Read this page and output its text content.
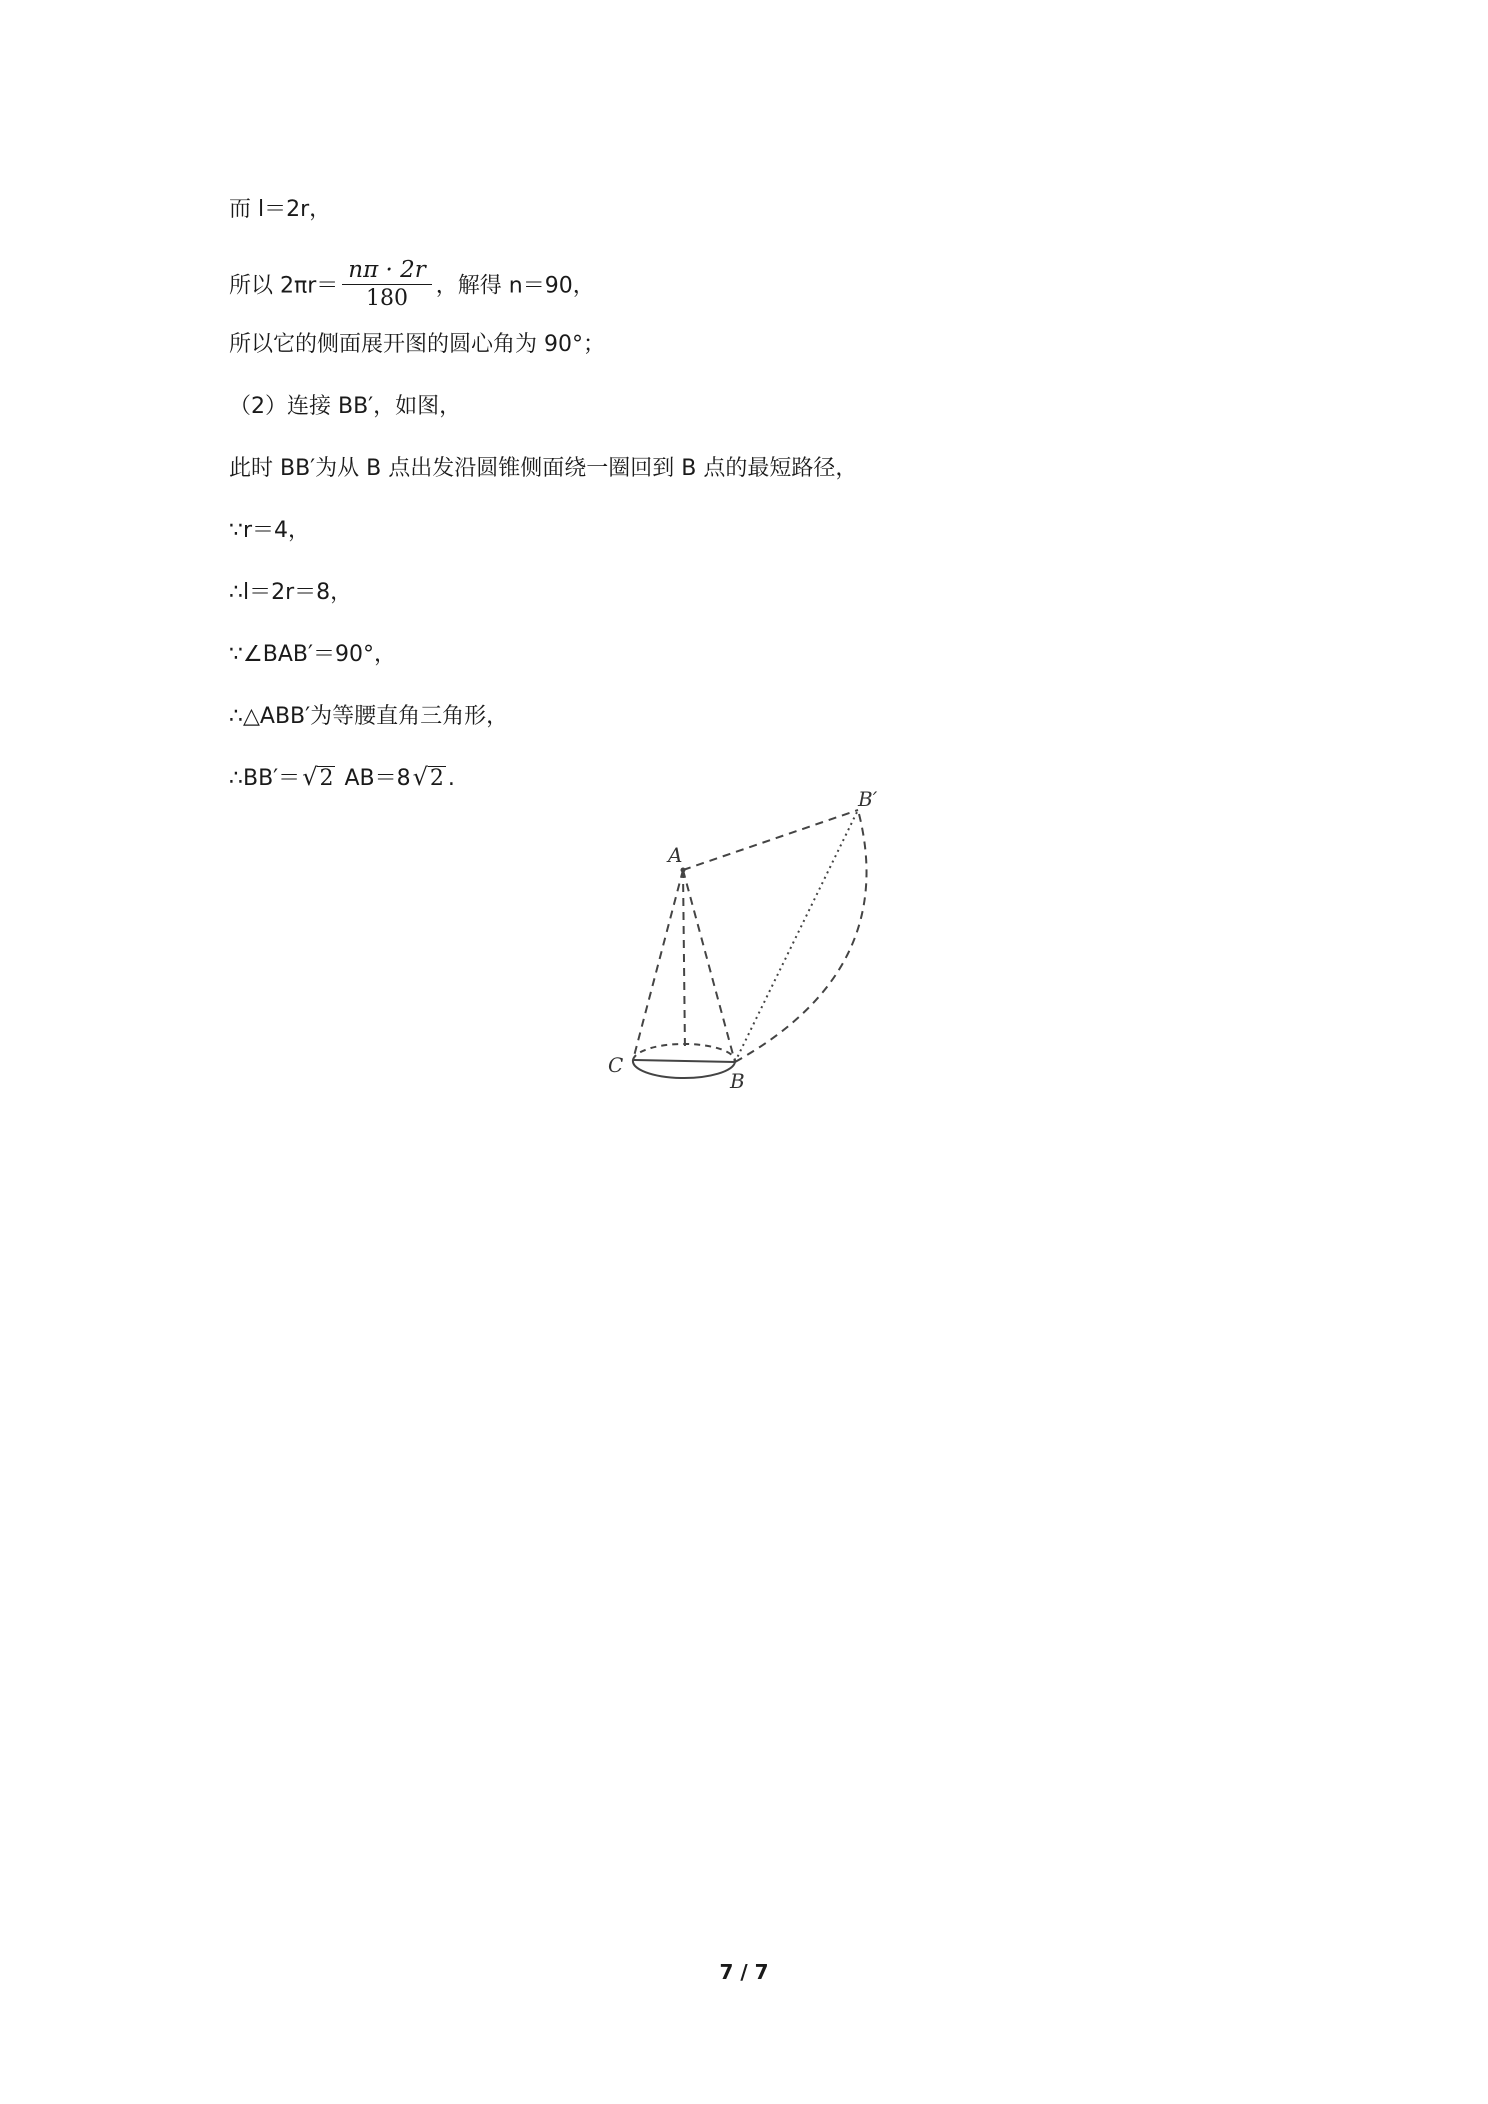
而 l＝2r，
所以 $2\pi r= \frac{n\pi \cdot 2r}{180}$ ，解得 n＝90，
所以它的侧面展开图的圆心角为 90°；
（2）连接 BB′，如图，
此时 BB′为从 B 点出发沿圆锥侧面绕一圈回到 B 点的最短路径，
∵r＝4，
∴l＝2r＝8，
∵∠BAB′＝90°，
∴△ABB′为等腰直角三角形，
∴BB′＝√2 AB＝8√2 .
A
C
B
B′
7 / 7
